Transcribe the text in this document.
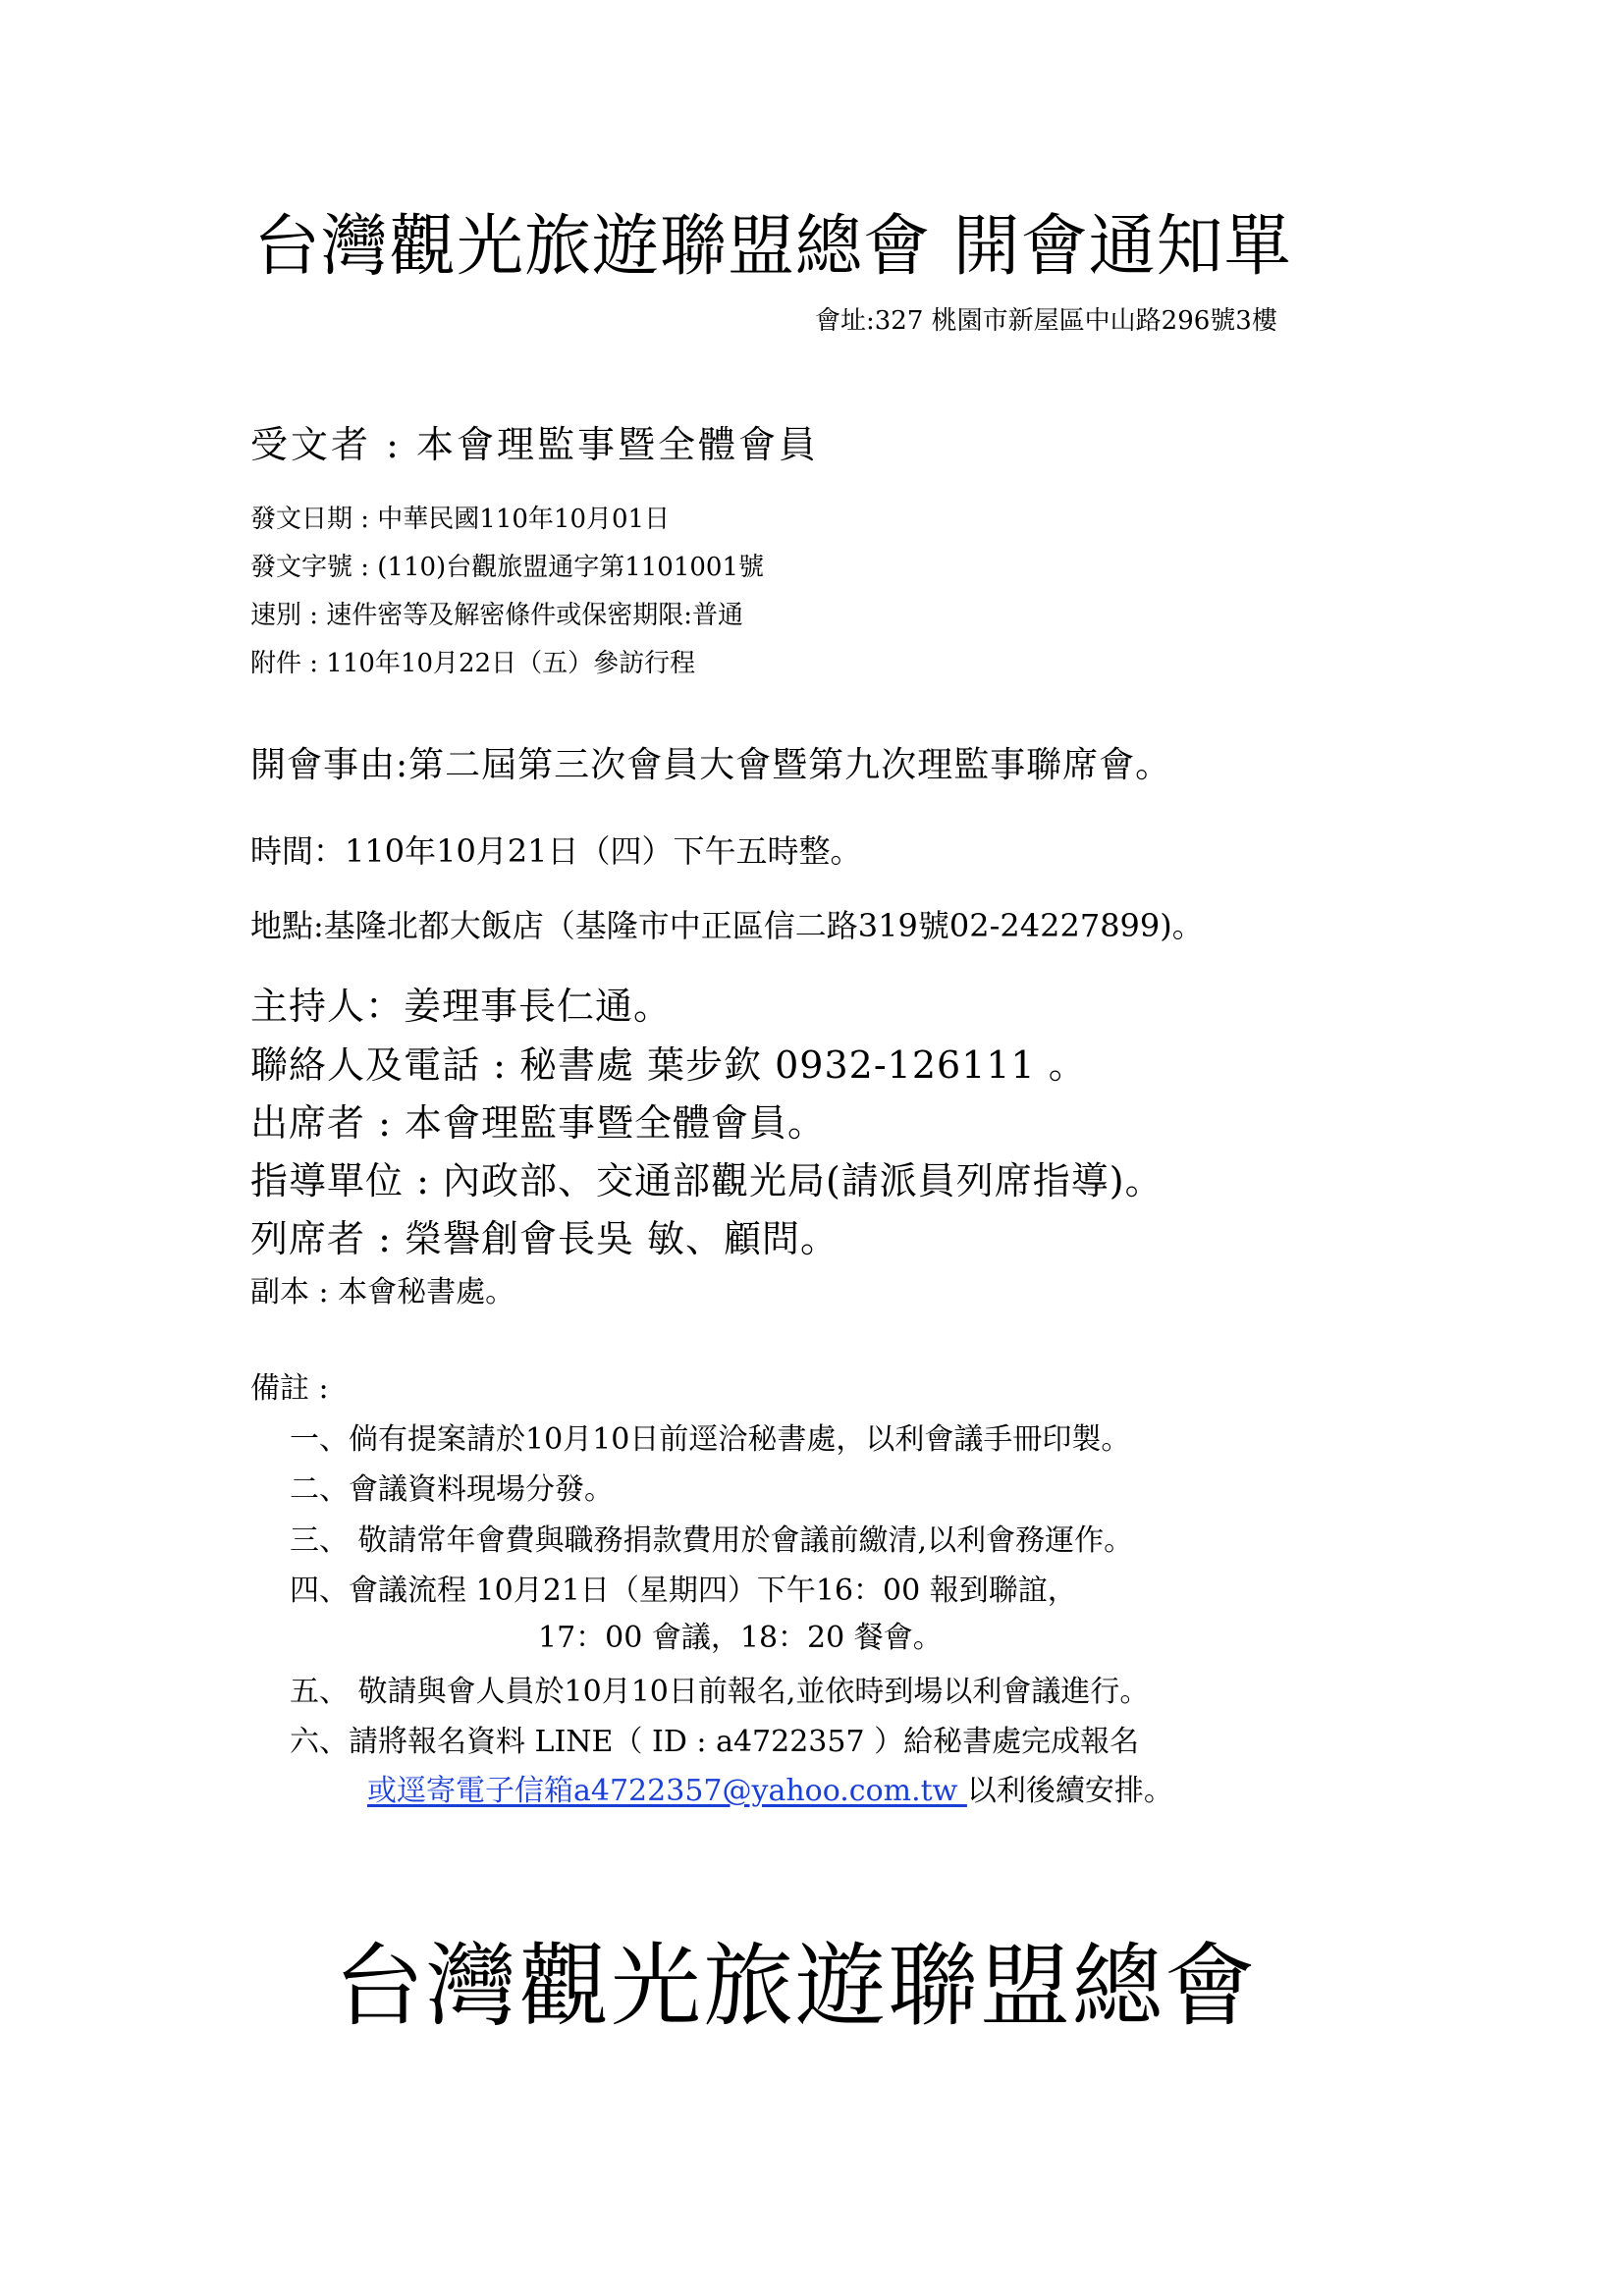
台灣觀光旅遊聯盟總會 開會通知單
會址:327 桃園市新屋區中山路296號3樓
受文者 : 本會理監事暨全體會員
發文日期 : 中華民國110年10月01日
發文字號 : (110)台觀旅盟通字第1101001號
速別 : 速件密等及解密條件或保密期限:普通
附件 : 110年10月22日（五）參訪行程
開會事由:第二屆第三次會員大會暨第九次理監事聯席會。
時間：110年10月21日（四）下午五時整。
地點:基隆北都大飯店（基隆市中正區信二路319號02-24227899)。
主持人：姜理事長仁通。
聯絡人及電話 : 秘書處 葉步欽 0932-126111 。
出席者 : 本會理監事暨全體會員。
指導單位 : 內政部、交通部觀光局(請派員列席指導)。
列席者 : 榮譽創會長吳 敏、顧問。
副本 : 本會秘書處。
備註 :
一、倘有提案請於10月10日前逕洽秘書處，以利會議手冊印製。
二、會議資料現場分發。
三、 敬請常年會費與職務捐款費用於會議前繳清,以利會務運作。
四、會議流程 10月21日（星期四）下午16：00 報到聯誼，
17：00 會議，18：20 餐會。
五、 敬請與會人員於10月10日前報名,並依時到場以利會議進行。
六、請將報名資料 LINE（ ID : a4722357 ）給秘書處完成報名
或逕寄電子信箱a4722357@yahoo.com.tw 以利後續安排。
台灣觀光旅遊聯盟總會
